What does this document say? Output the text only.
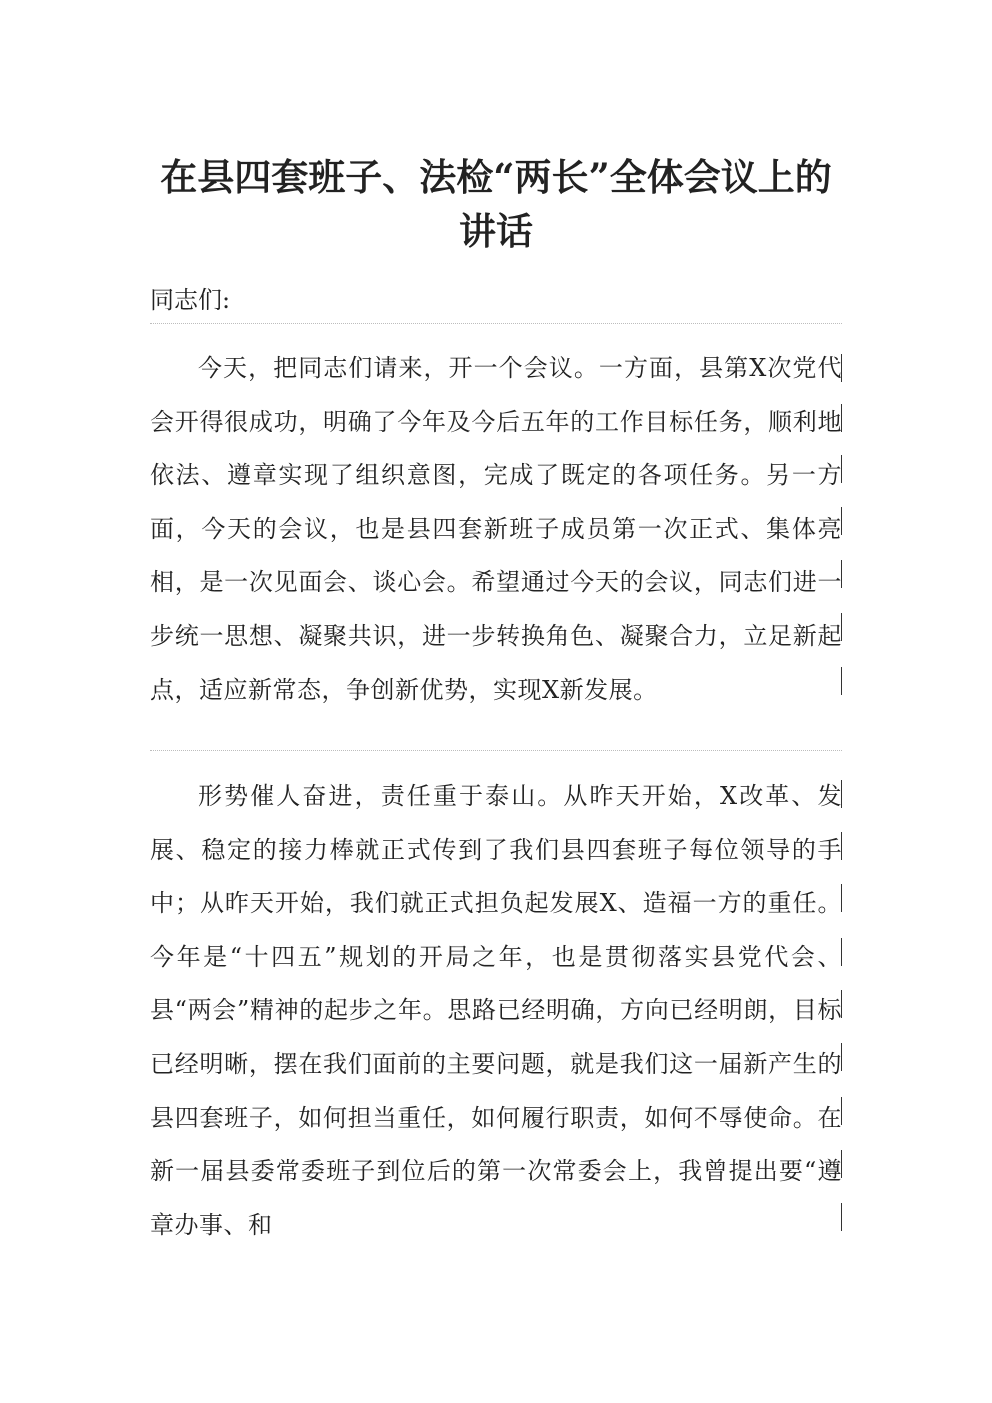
在县四套班子、法检“两长”全体会议上的讲话
同志们:

今天，把同志们请来，开一个会议。一方面，县第X次党代会开得很成功，明确了今年及今后五年的工作目标任务，顺利地依法、遵章实现了组织意图，完成了既定的各项任务。另一方面，今天的会议，也是县四套新班子成员第一次正式、集体亮相，是一次见面会、谈心会。希望通过今天的会议，同志们进一步统一思想、凝聚共识，进一步转换角色、凝聚合力，立足新起点，适应新常态，争创新优势，实现X新发展。

形势催人奋进，责任重于泰山。从昨天开始，X改革、发展、稳定的接力棒就正式传到了我们县四套班子每位领导的手中；从昨天开始，我们就正式担负起发展X、造福一方的重任。今年是“十四五”规划的开局之年，也是贯彻落实县党代会、县“两会”精神的起步之年。思路已经明确，方向已经明朗，目标已经明晰，摆在我们面前的主要问题，就是我们这一届新产生的县四套班子，如何担当重任，如何履行职责，如何不辱使命。在新一届县委常委班子到位后的第一次常委会上，我曾提出要“遵章办事、和
